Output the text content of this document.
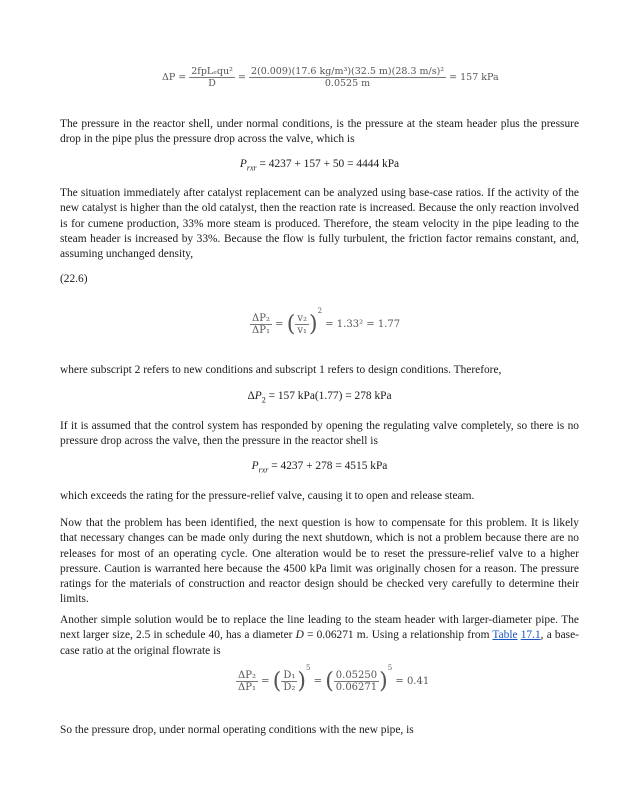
$\Delta P = \frac{\text{2fpLₑqu²}}{D} = \frac{\text{2(0.009)(17.6 kg/m³)(32.5 m)(28.3 m/s)²}}{0.0525 m} = 157$ kPa

The pressure in the reactor shell, under normal conditions, is the pressure at the steam header plus the pressure drop in the pipe plus the pressure drop across the valve, which is

$P_{rxr} = 4237 + 157 + 50 = 4444$ kPa

The situation immediately after catalyst replacement can be analyzed using base-case ratios. If the activity of the new catalyst is higher than the old catalyst, then the reaction rate is increased. Because the only reaction involved is for cumene production, 33% more steam is produced. Therefore, the steam velocity in the pipe leading to the steam header is increased by 33%. Because the flow is fully turbulent, the friction factor remains constant, and, assuming unchanged density,

(22.6)

$\frac{\text{ΔP₂}}{\text{ΔP₁}}$ = ( $\frac{\text{v₂}}{\text{v₁}} )^2 = 1.33^2 = 1.77$

where subscript 2 refers to new conditions and subscript 1 refers to design conditions. Therefore,

$\Delta P_2 = 157$ kPa(1.77) = 278 kPa

If it is assumed that the control system has responded by opening the regulating valve completely, so there is no pressure drop across the valve, then the pressure in the reactor shell is

$P_{rxr} = 4237 + 278 = 4515$ kPa

which exceeds the rating for the pressure-relief valve, causing it to open and release steam.

Now that the problem has been identified, the next question is how to compensate for this problem. It is likely that necessary changes can be made only during the next shutdown, which is not a problem because there are no releases for most of an operating cycle. One alteration would be to reset the pressure-relief valve to a higher pressure. Caution is warranted here because the 4500 kPa limit was originally chosen for a reason. The pressure ratings for the materials of construction and reactor design should be checked very carefully to determine their limits.

Another simple solution would be to replace the line leading to the steam header with larger-diameter pipe. The next larger size, 2.5 in schedule 40, has a diameter D = 0.06271 m. Using a relationship from Table 17.1, a base-case ratio at the original flowrate is

$\frac{\text{ΔP₂}}{\text{ΔP₁}}$ = ( $\frac{\text{D₁}}{\text{D₂}} )^5$ = ( $\frac{0.05250}{0.06271} )^5 = 0.41$

So the pressure drop, under normal operating conditions with the new pipe, is
